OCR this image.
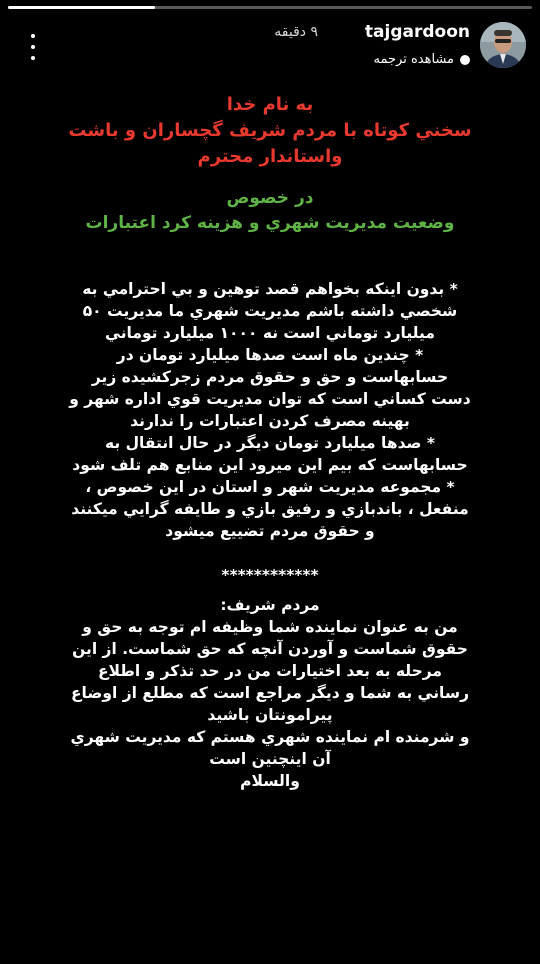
tajgardoon
۹ دقیقه
مشاهده ترجمه
به نام خدا
سخني كوتاه با مردم شريف گچساران و باشت
واستاندار محترم
در خصوص
وضعيت مديريت شهري و هزينه كرد اعتبارات
* بدون اينكه بخواهم قصد توهين و بي احترامي به
شخصي داشته باشم مديريت شهري ما مديريت ۵۰
ميليارد توماني است نه ۱۰۰۰ ميليارد توماني
* چندين ماه است صدها ميليارد تومان در
حسابهاست و حق و حقوق مردم زجركشيده زير
دست كساني است كه توان مديريت قوي اداره شهر و
بهينه مصرف كردن اعتبارات را ندارند
* صدها ميليارد تومان ديگر در حال انتقال به
حسابهاست كه بيم اين ميرود اين منابع هم تلف شود
* مجموعه مديريت شهر و استان در اين خصوص ،
منفعل ، باندبازي و رفيق بازي و طايفه گرايي ميكنند
و حقوق مردم تضييع ميشود
************
مردم شريف:
من به عنوان نماينده شما وظيفه ام توجه به حق و
حقوق شماست و آوردن آنچه كه حق شماست. از اين
مرحله به بعد اختيارات من در حد تذكر و اطلاع
رساني به شما و ديگر مراجع است كه مطلع از اوضاع
پيرامونتان باشيد
و شرمنده ام نماينده شهري هستم كه مديريت شهري
آن اينچنين است
والسلام
